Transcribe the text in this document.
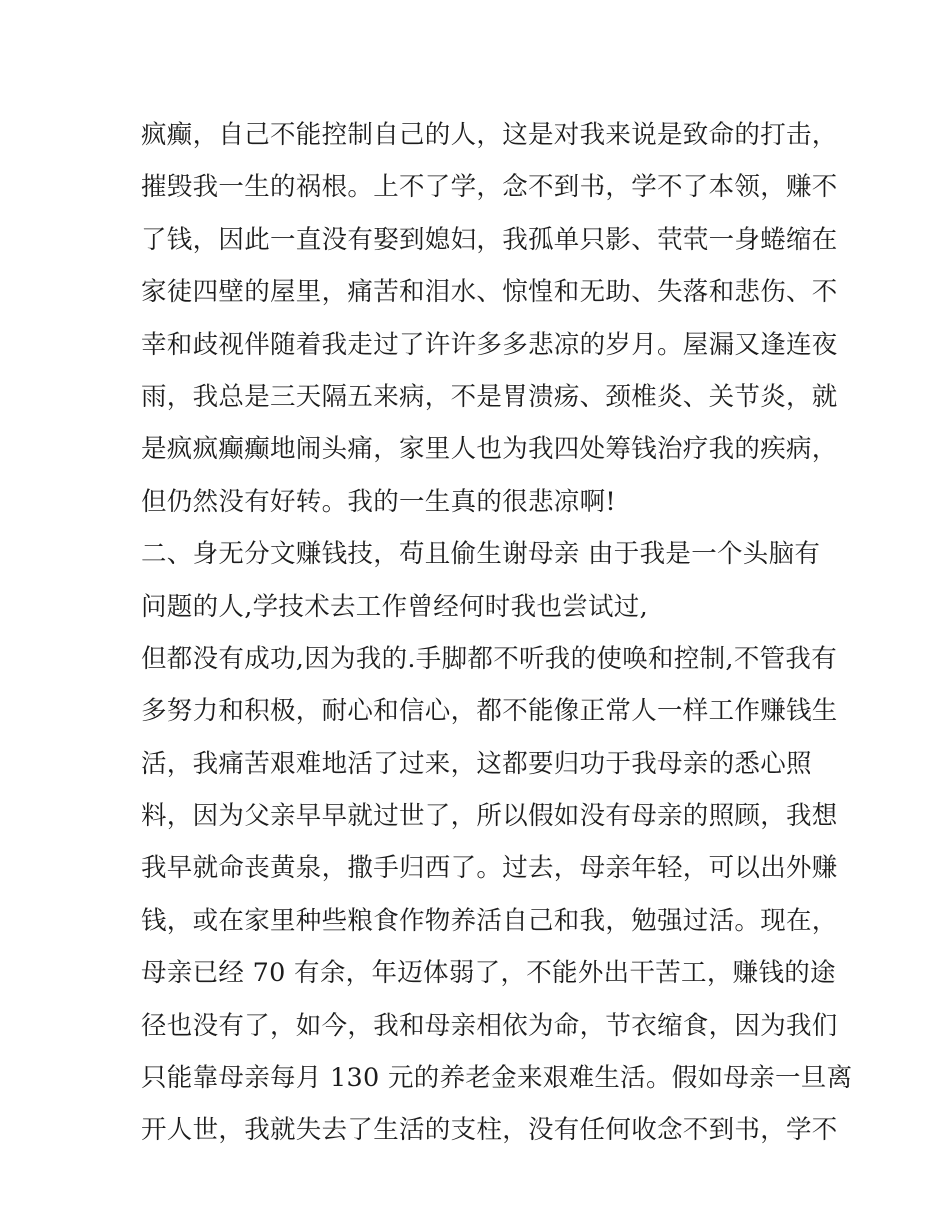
疯癫，自己不能控制自己的人，这是对我来说是致命的打击，
摧毁我一生的祸根。上不了学，念不到书，学不了本领，赚不
了钱，因此一直没有娶到媳妇，我孤单只影、茕茕一身蜷缩在
家徒四壁的屋里，痛苦和泪水、惊惶和无助、失落和悲伤、不
幸和歧视伴随着我走过了许许多多悲凉的岁月。屋漏又逢连夜
雨，我总是三天隔五来病，不是胃溃疡、颈椎炎、关节炎，就
是疯疯癫癫地闹头痛，家里人也为我四处筹钱治疗我的疾病，
但仍然没有好转。我的一生真的很悲凉啊!
二、身无分文赚钱技，苟且偷生谢母亲 由于我是一个头脑有
问题的人,学技术去工作曾经何时我也尝试过,
但都没有成功,因为我的.手脚都不听我的使唤和控制,不管我有
多努力和积极，耐心和信心，都不能像正常人一样工作赚钱生
活，我痛苦艰难地活了过来，这都要归功于我母亲的悉心照
料，因为父亲早早就过世了，所以假如没有母亲的照顾，我想
我早就命丧黄泉，撒手归西了。过去，母亲年轻，可以出外赚
钱，或在家里种些粮食作物养活自己和我，勉强过活。现在，
母亲已经 70 有余，年迈体弱了，不能外出干苦工，赚钱的途
径也没有了，如今，我和母亲相依为命，节衣缩食，因为我们
只能靠母亲每月 130 元的养老金来艰难生活。假如母亲一旦离
开人世，我就失去了生活的支柱，没有任何收念不到书，学不
